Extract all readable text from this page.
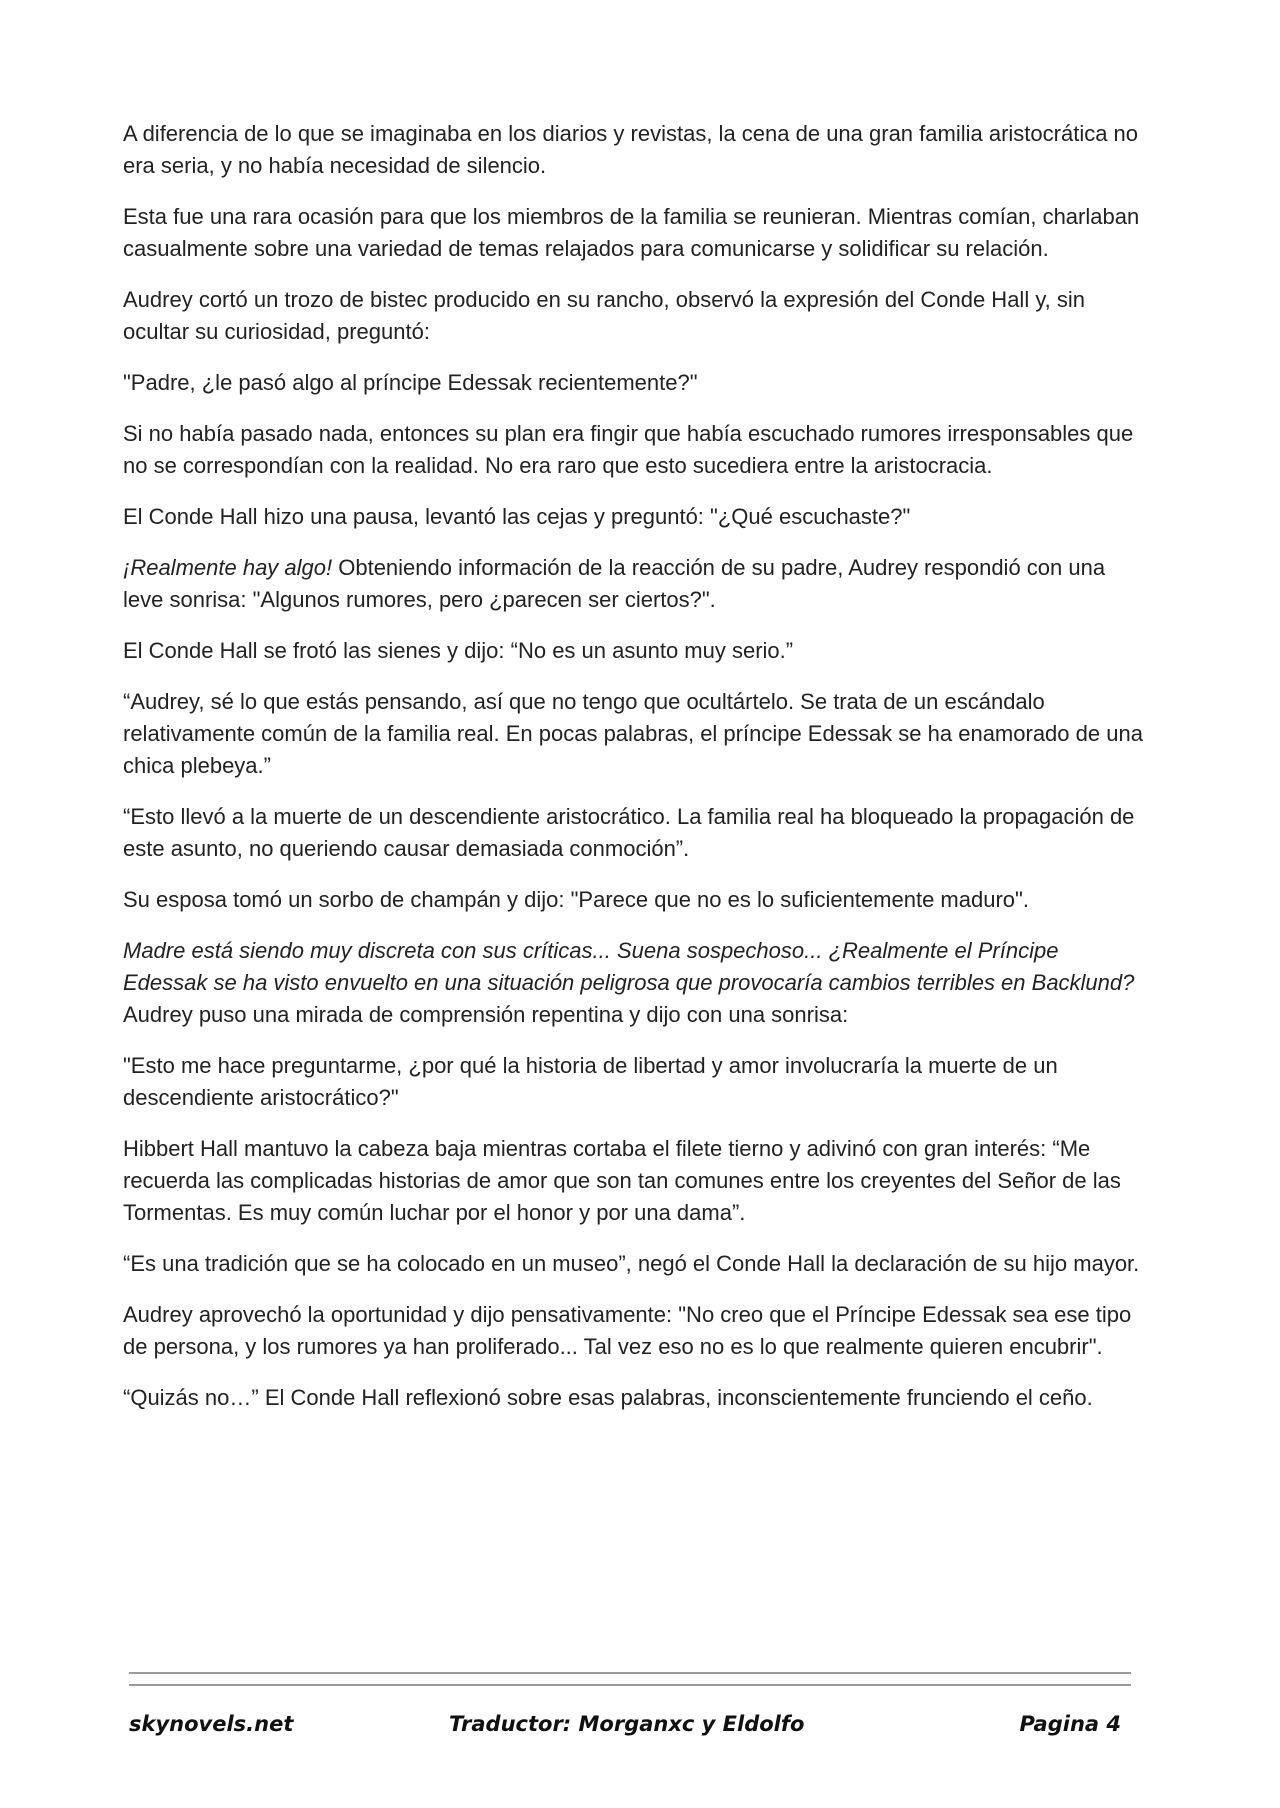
A diferencia de lo que se imaginaba en los diarios y revistas, la cena de una gran familia aristocrática no era seria, y no había necesidad de silencio.

Esta fue una rara ocasión para que los miembros de la familia se reunieran. Mientras comían, charlaban casualmente sobre una variedad de temas relajados para comunicarse y solidificar su relación.

Audrey cortó un trozo de bistec producido en su rancho, observó la expresión del Conde Hall y, sin ocultar su curiosidad, preguntó:

"Padre, ¿le pasó algo al príncipe Edessak recientemente?"

Si no había pasado nada, entonces su plan era fingir que había escuchado rumores irresponsables que no se correspondían con la realidad. No era raro que esto sucediera entre la aristocracia.

El Conde Hall hizo una pausa, levantó las cejas y preguntó: "¿Qué escuchaste?"

¡Realmente hay algo! Obteniendo información de la reacción de su padre, Audrey respondió con una leve sonrisa: "Algunos rumores, pero ¿parecen ser ciertos?".

El Conde Hall se frotó las sienes y dijo: “No es un asunto muy serio.”

“Audrey, sé lo que estás pensando, así que no tengo que ocultártelo. Se trata de un escándalo relativamente común de la familia real. En pocas palabras, el príncipe Edessak se ha enamorado de una chica plebeya.”

“Esto llevó a la muerte de un descendiente aristocrático. La familia real ha bloqueado la propagación de este asunto, no queriendo causar demasiada conmoción”.

Su esposa tomó un sorbo de champán y dijo: "Parece que no es lo suficientemente maduro".

Madre está siendo muy discreta con sus críticas... Suena sospechoso... ¿Realmente el Príncipe Edessak se ha visto envuelto en una situación peligrosa que provocaría cambios terribles en Backlund? Audrey puso una mirada de comprensión repentina y dijo con una sonrisa:

"Esto me hace preguntarme, ¿por qué la historia de libertad y amor involucraría la muerte de un descendiente aristocrático?"

Hibbert Hall mantuvo la cabeza baja mientras cortaba el filete tierno y adivinó con gran interés: “Me recuerda las complicadas historias de amor que son tan comunes entre los creyentes del Señor de las Tormentas. Es muy común luchar por el honor y por una dama”.

“Es una tradición que se ha colocado en un museo”, negó el Conde Hall la declaración de su hijo mayor.

Audrey aprovechó la oportunidad y dijo pensativamente: "No creo que el Príncipe Edessak sea ese tipo de persona, y los rumores ya han proliferado... Tal vez eso no es lo que realmente quieren encubrir".

“Quizás no…” El Conde Hall reflexionó sobre esas palabras, inconscientemente frunciendo el ceño.

skynovels.net	Traductor: Morganxc y Eldolfo	Pagina 4
